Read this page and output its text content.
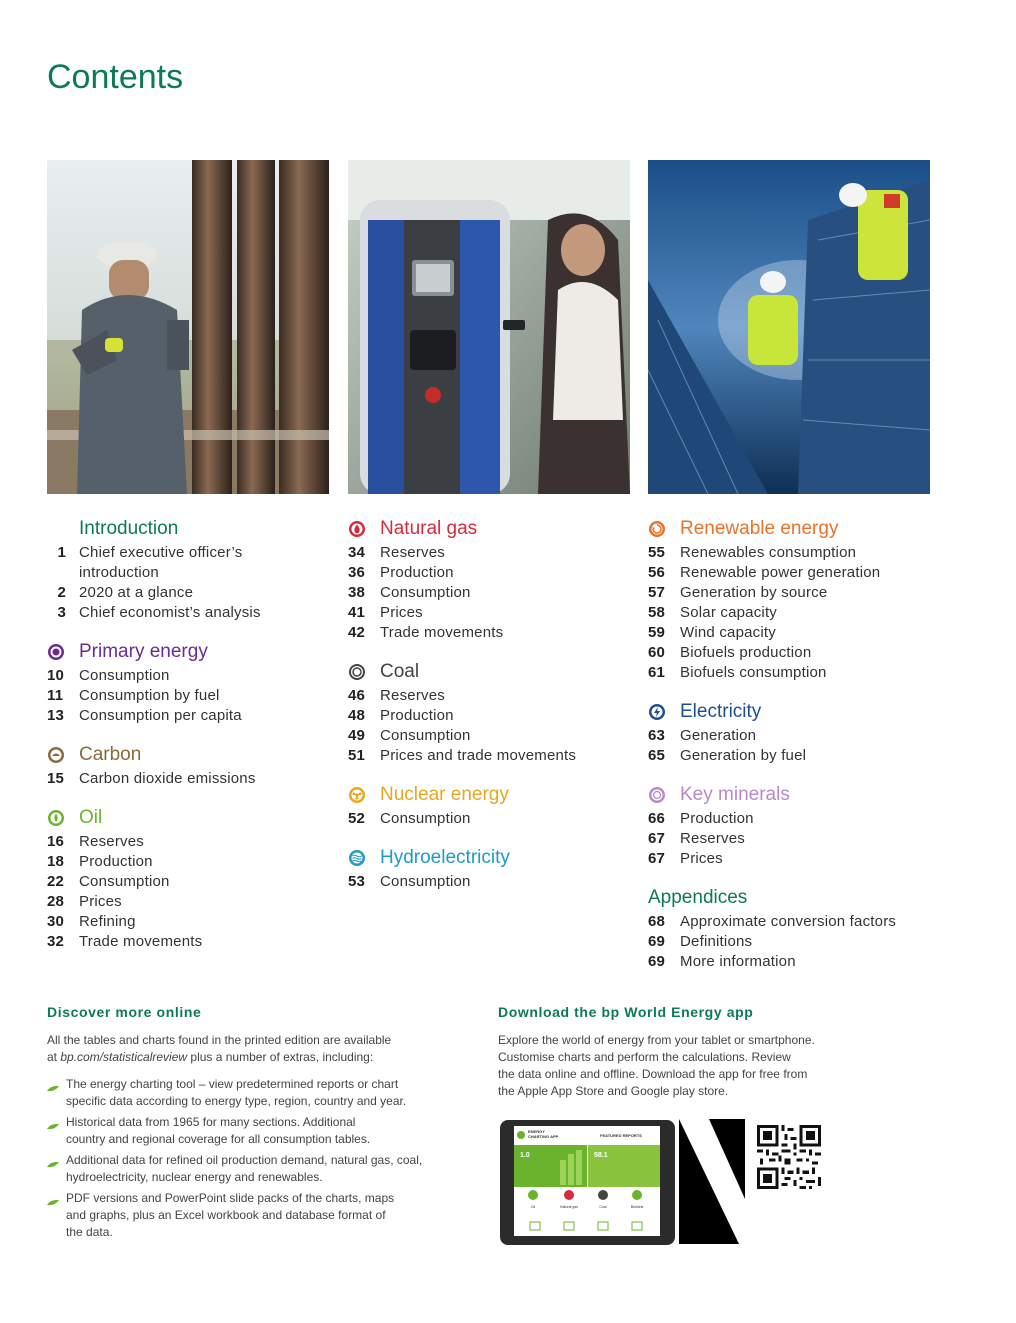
Contents
Introduction
1 Chief executive officer’s
introduction
2 2020 at a glance
3 Chief economist’s analysis
Primary energy
10 Consumption
11	Consumption by fuel
13 Consumption per capita
Carbon
15 Carbon dioxide emissions
Oil
16 Reserves
18 Production
22 Consumption
28 Prices
30 Refining
32 Trade movements
Natural gas
34 Reserves
36 Production
38 Consumption
41 Prices
42 Trade movements
Coal
46 Reserves
48 Production
49 Consumption
51 Prices and trade movements
Nuclear energy
52 Consumption
Hydroelectricity
53 Consumption
Renewable energy
55 Renewables consumption
56 Renewable power generation
57 Generation by source
58 Solar capacity
59 Wind capacity
60 Biofuels production
61 Biofuels consumption
Electricity
63 Generation
65 Generation by fuel
Key minerals
66 Production
67 Reserves
67 Prices
Appendices
68 Approximate conversion factors
69 Definitions
69 More information
Discover more online

All the tables and charts found in the printed edition are available
at bp.com/statisticalreview plus a number of extras, including:

The energy charting tool – view predetermined reports or chart
specific data according to energy type, region, country and year.
Historical data from 1965 for many sections. Additional
country and regional coverage for all consumption tables.
Additional data for refined oil production demand, natural gas, coal,
hydroelectricity, nuclear energy and renewables.
PDF versions and PowerPoint slide packs of the charts, maps
and graphs, plus an Excel workbook and database format of
the data.
Download the bp World Energy app

Explore the world of energy from your tablet or smartphone.
Customise charts and perform the calculations. Review
the data online and offline. Download the app for free from
the Apple App Store and Google play store.

ENERGY
CHARTING APP	FEATURED REPORTS
1.0	58.1
Oil	Natural gas	Coal	Biofuels
